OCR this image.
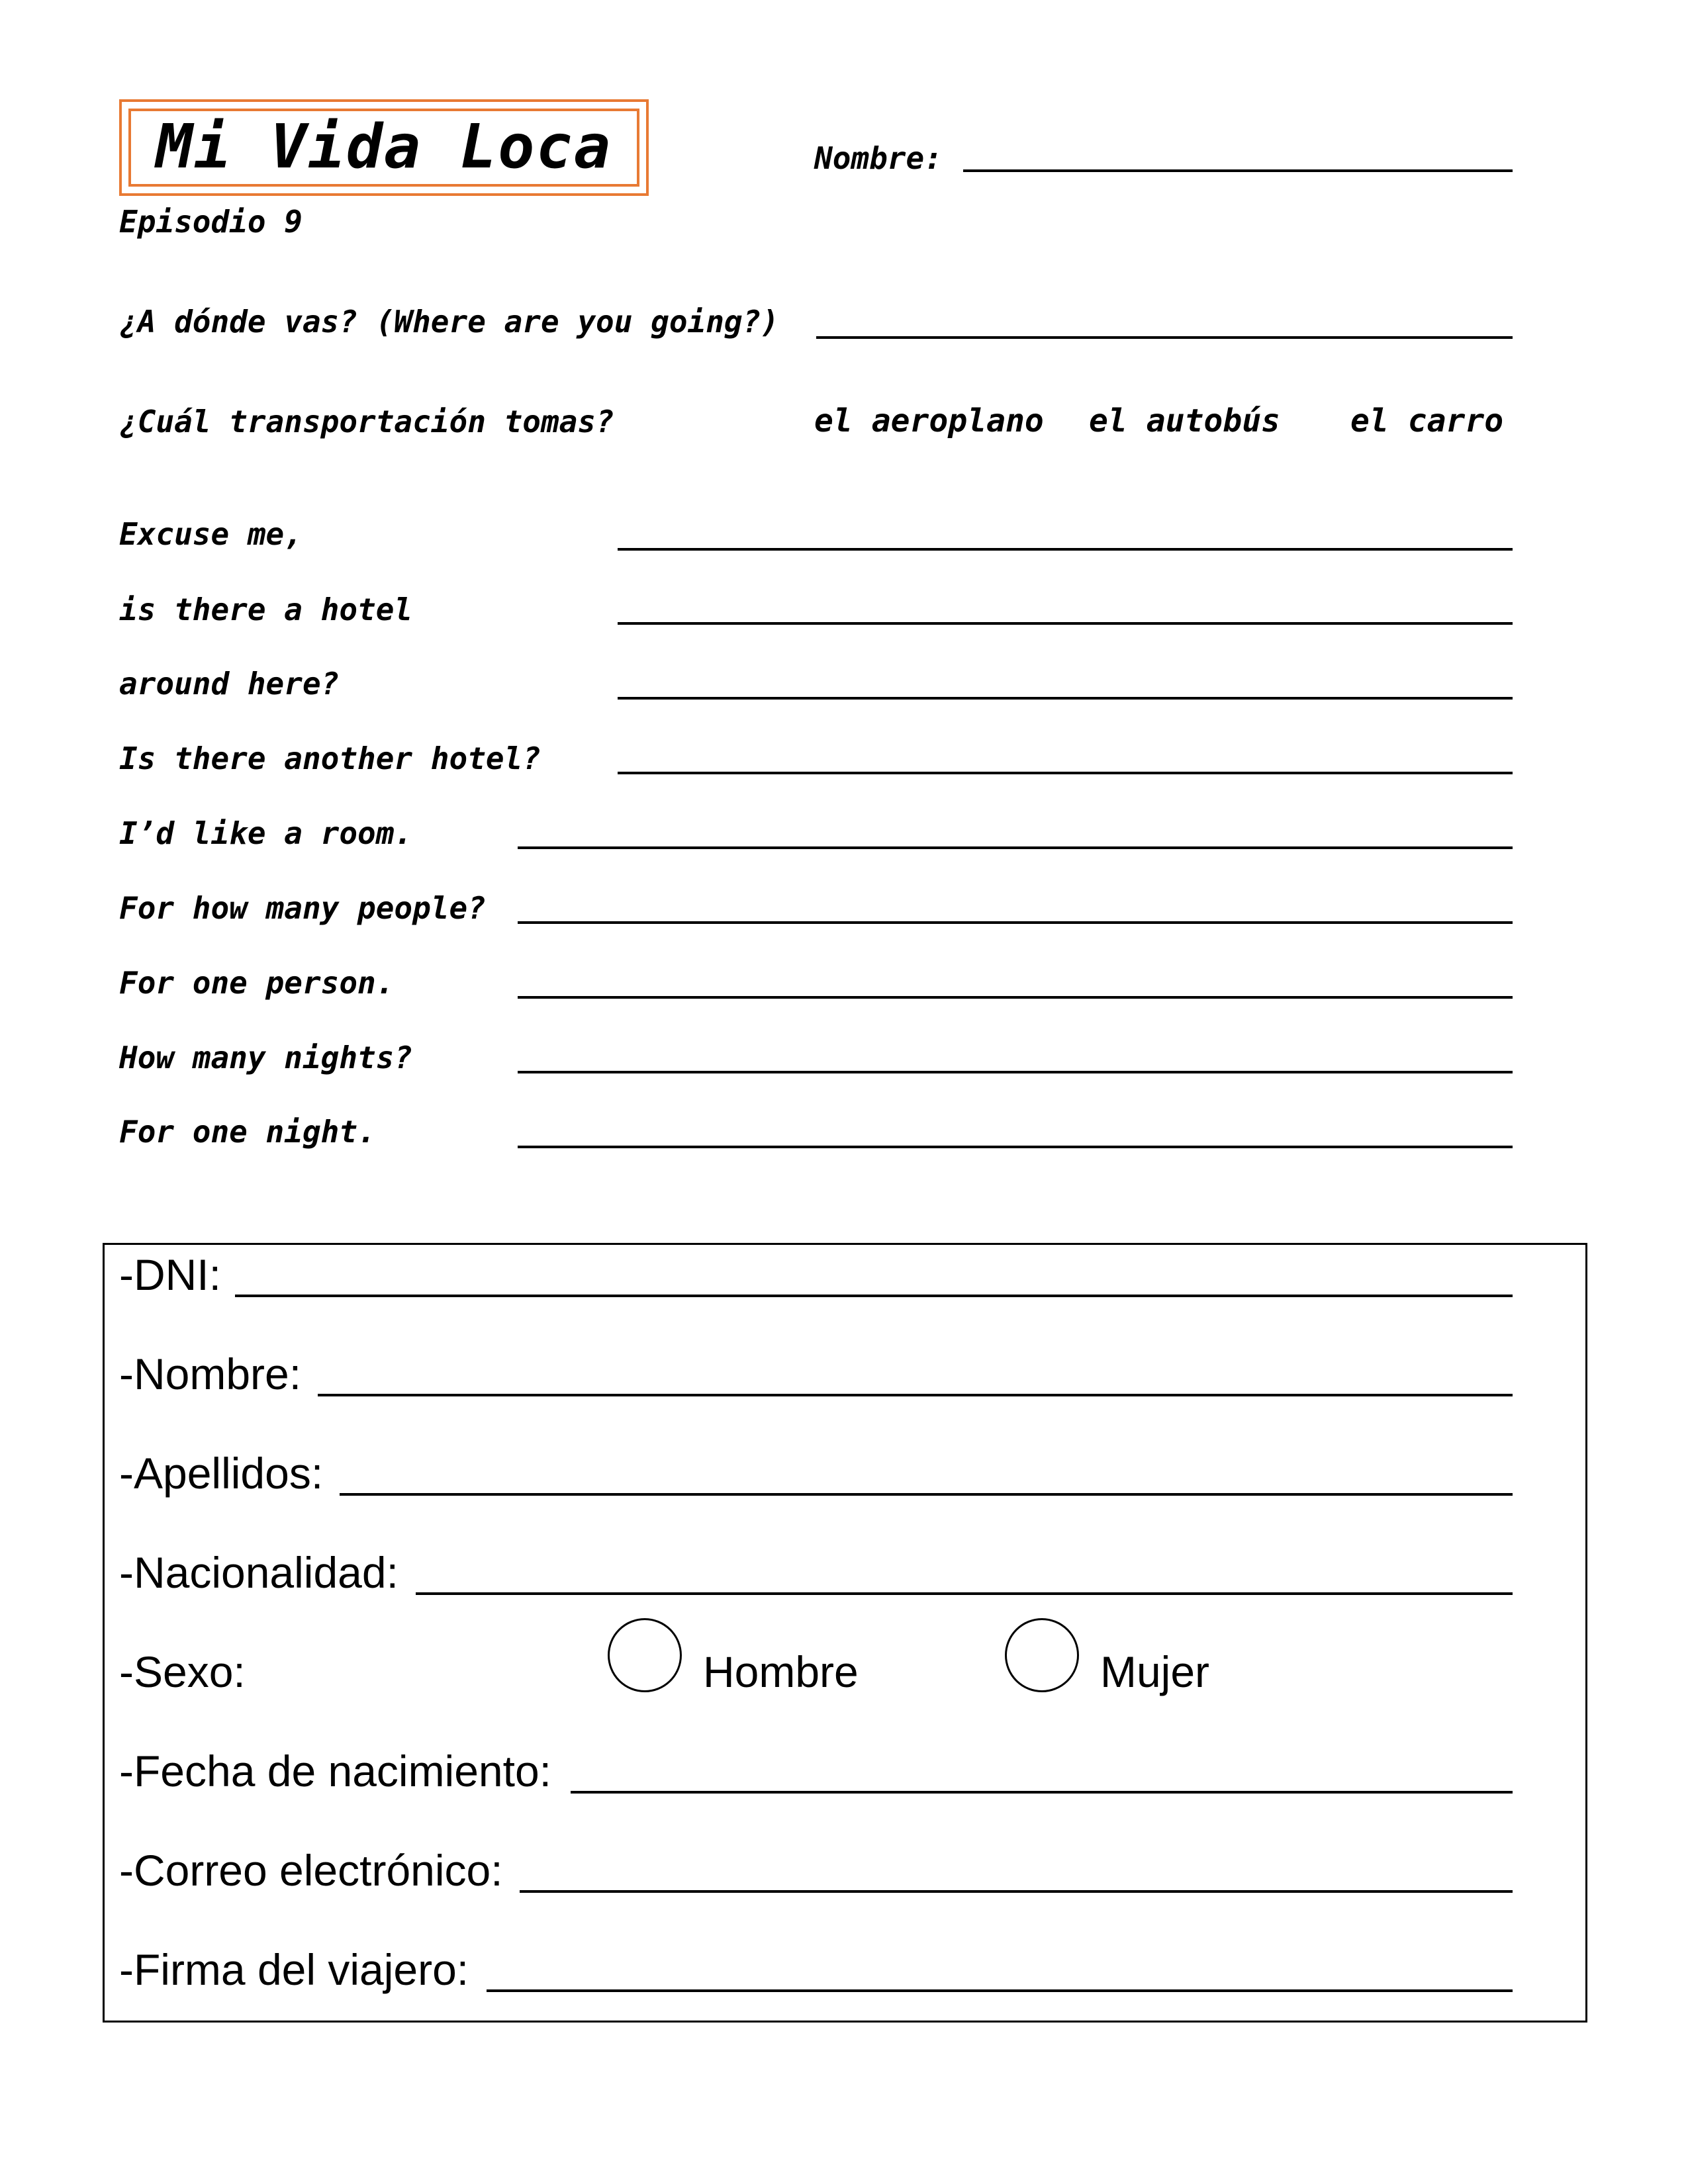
Mi Vida Loca	Nombre:
Episodio 9
¿A dónde vas? (Where are you going?)
¿Cuál transportación tomas?	el aeroplano el autobús el carro
Excuse me,
is there a hotel
around here?
Is there another hotel?
I’d like a room.
For how many people?
For one person.
How many nights?
For one night.
-DNI:
-Nombre:
-Apellidos:
-Nacionalidad:
-Sexo:	Hombre	Mujer
-Fecha de nacimiento:
-Correo electrónico:
-Firma del viajero:
